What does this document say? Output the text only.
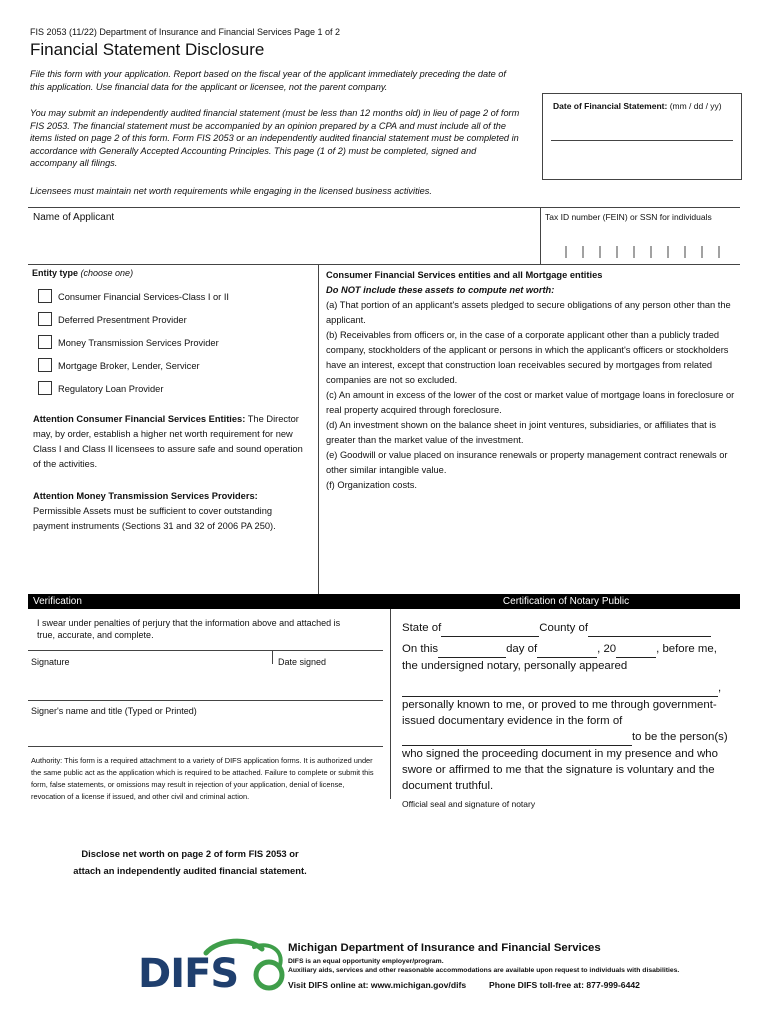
FIS 2053 (11/22) Department of Insurance and Financial Services Page 1 of 2
Financial Statement Disclosure
File this form with your application. Report based on the fiscal year of the applicant immediately preceding the date of this application. Use financial data for the applicant or licensee, not the parent company.
You may submit an independently audited financial statement (must be less than 12 months old) in lieu of page 2 of form FIS 2053. The financial statement must be accompanied by an opinion prepared by a CPA and must include all of the items listed on page 2 of this form. Form FIS 2053 or an independently audited financial statement must be completed in accordance with Generally Accepted Accounting Principles. This page (1 of 2) must be completed, signed and accompany all filings.
Date of Financial Statement: (mm / dd / yy)
Licensees must maintain net worth requirements while engaging in the licensed business activities.
Name of Applicant	Tax ID number (FEIN) or SSN for individuals
Entity type (choose one)
Consumer Financial Services-Class I or II
Deferred Presentment Provider
Money Transmission Services Provider
Mortgage Broker, Lender, Servicer
Regulatory Loan Provider
Attention Consumer Financial Services Entities: The Director may, by order, establish a higher net worth requirement for new Class I and Class II licensees to assure safe and sound operation of the activities.
Attention Money Transmission Services Providers:
Permissible Assets must be sufficient to cover outstanding payment instruments (Sections 31 and 32 of 2006 PA 250).
Consumer Financial Services entities and all Mortgage entities
Do NOT include these assets to compute net worth:
(a) That portion of an applicant's assets pledged to secure obligations of any person other than the applicant.
(b) Receivables from officers or, in the case of a corporate applicant other than a publicly traded company, stockholders of the applicant or persons in which the applicant's officers or stockholders have an interest, except that construction loan receivables secured by mortgages from related companies are not so excluded.
(c) An amount in excess of the lower of the cost or market value of mortgage loans in foreclosure or real property acquired through foreclosure.
(d) An investment shown on the balance sheet in joint ventures, subsidiaries, or affiliates that is greater than the market value of the investment.
(e) Goodwill or value placed on insurance renewals or property management contract renewals or other similar intangible value.
(f) Organization costs.
Verification	Certification of Notary Public
I swear under penalties of perjury that the information above and attached is true, accurate, and complete.
Signature	Date signed
Signer's name and title (Typed or Printed)
Authority: This form is a required attachment to a variety of DIFS application forms. It is authorized under the same public act as the application which is required to be attached. Failure to complete or submit this form, false statements, or omissions may result in rejection of your application, denial of license, revocation of a license if issued, and other civil and criminal action.
Disclose net worth on page 2 of form FIS 2053 or
attach an independently audited financial statement.
State of	County of
On this	day of	, 20	, before me,
the undersigned notary, personally appeared
,
personally known to me, or proved to me through government-
issued documentary evidence in the form of
to be the person(s)
who signed the proceeding document in my presence and who
swore or affirmed to me that the signature is voluntary and the
document truthful.
Official seal and signature of notary
DIFS
Michigan Department of Insurance and Financial Services
DIFS is an equal opportunity employer/program.
Auxiliary aids, services and other reasonable accommodations are available upon request to individuals with disabilities.
Visit DIFS online at: www.michigan.gov/difs	Phone DIFS toll-free at: 877-999-6442
